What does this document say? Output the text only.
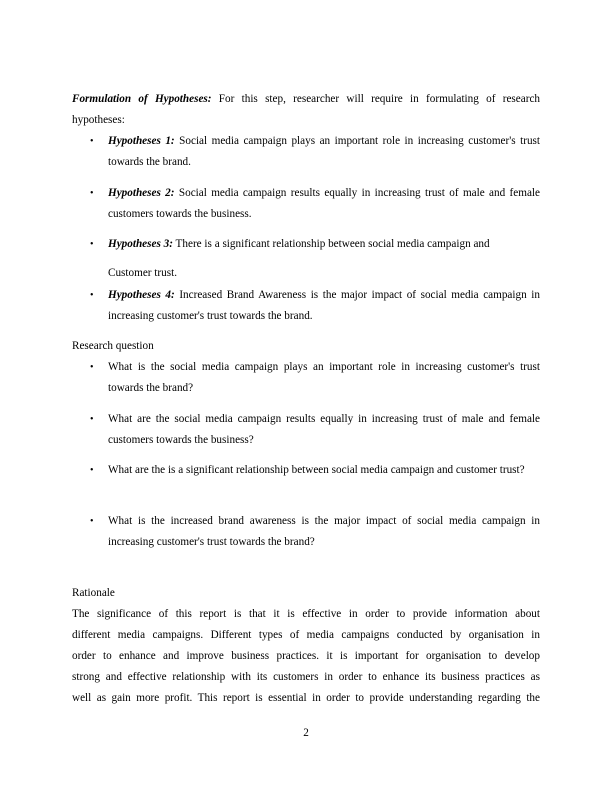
Formulation of Hypotheses: For this step, researcher will require in formulating of research hypotheses:
•	Hypotheses 1: Social media campaign plays an important role in increasing customer's trust towards the brand.
•	Hypotheses 2: Social media campaign results equally in increasing trust of male and female customers towards the business.
•	Hypotheses 3: There is a significant relationship between social media campaign and
Customer trust.
•	Hypotheses 4: Increased Brand Awareness is the major impact of social media campaign in increasing customer's trust towards the brand.
Research question
•	What is the social media campaign plays an important role in increasing customer's trust towards the brand?
•	What are the social media campaign results equally in increasing trust of male and female customers towards the business?
•	What are the is a significant relationship between social media campaign and customer trust?
•	What is the increased brand awareness is the major impact of social media campaign in increasing customer's trust towards the brand?
Rationale
The significance of this report is that it is effective in order to provide information about
different media campaigns. Different types of media campaigns conducted by organisation in
order to enhance and improve business practices. it is important for organisation to develop
strong and effective relationship with its customers in order to enhance its business practices as
well as gain more profit. This report is essential in order to provide understanding regarding the
2
